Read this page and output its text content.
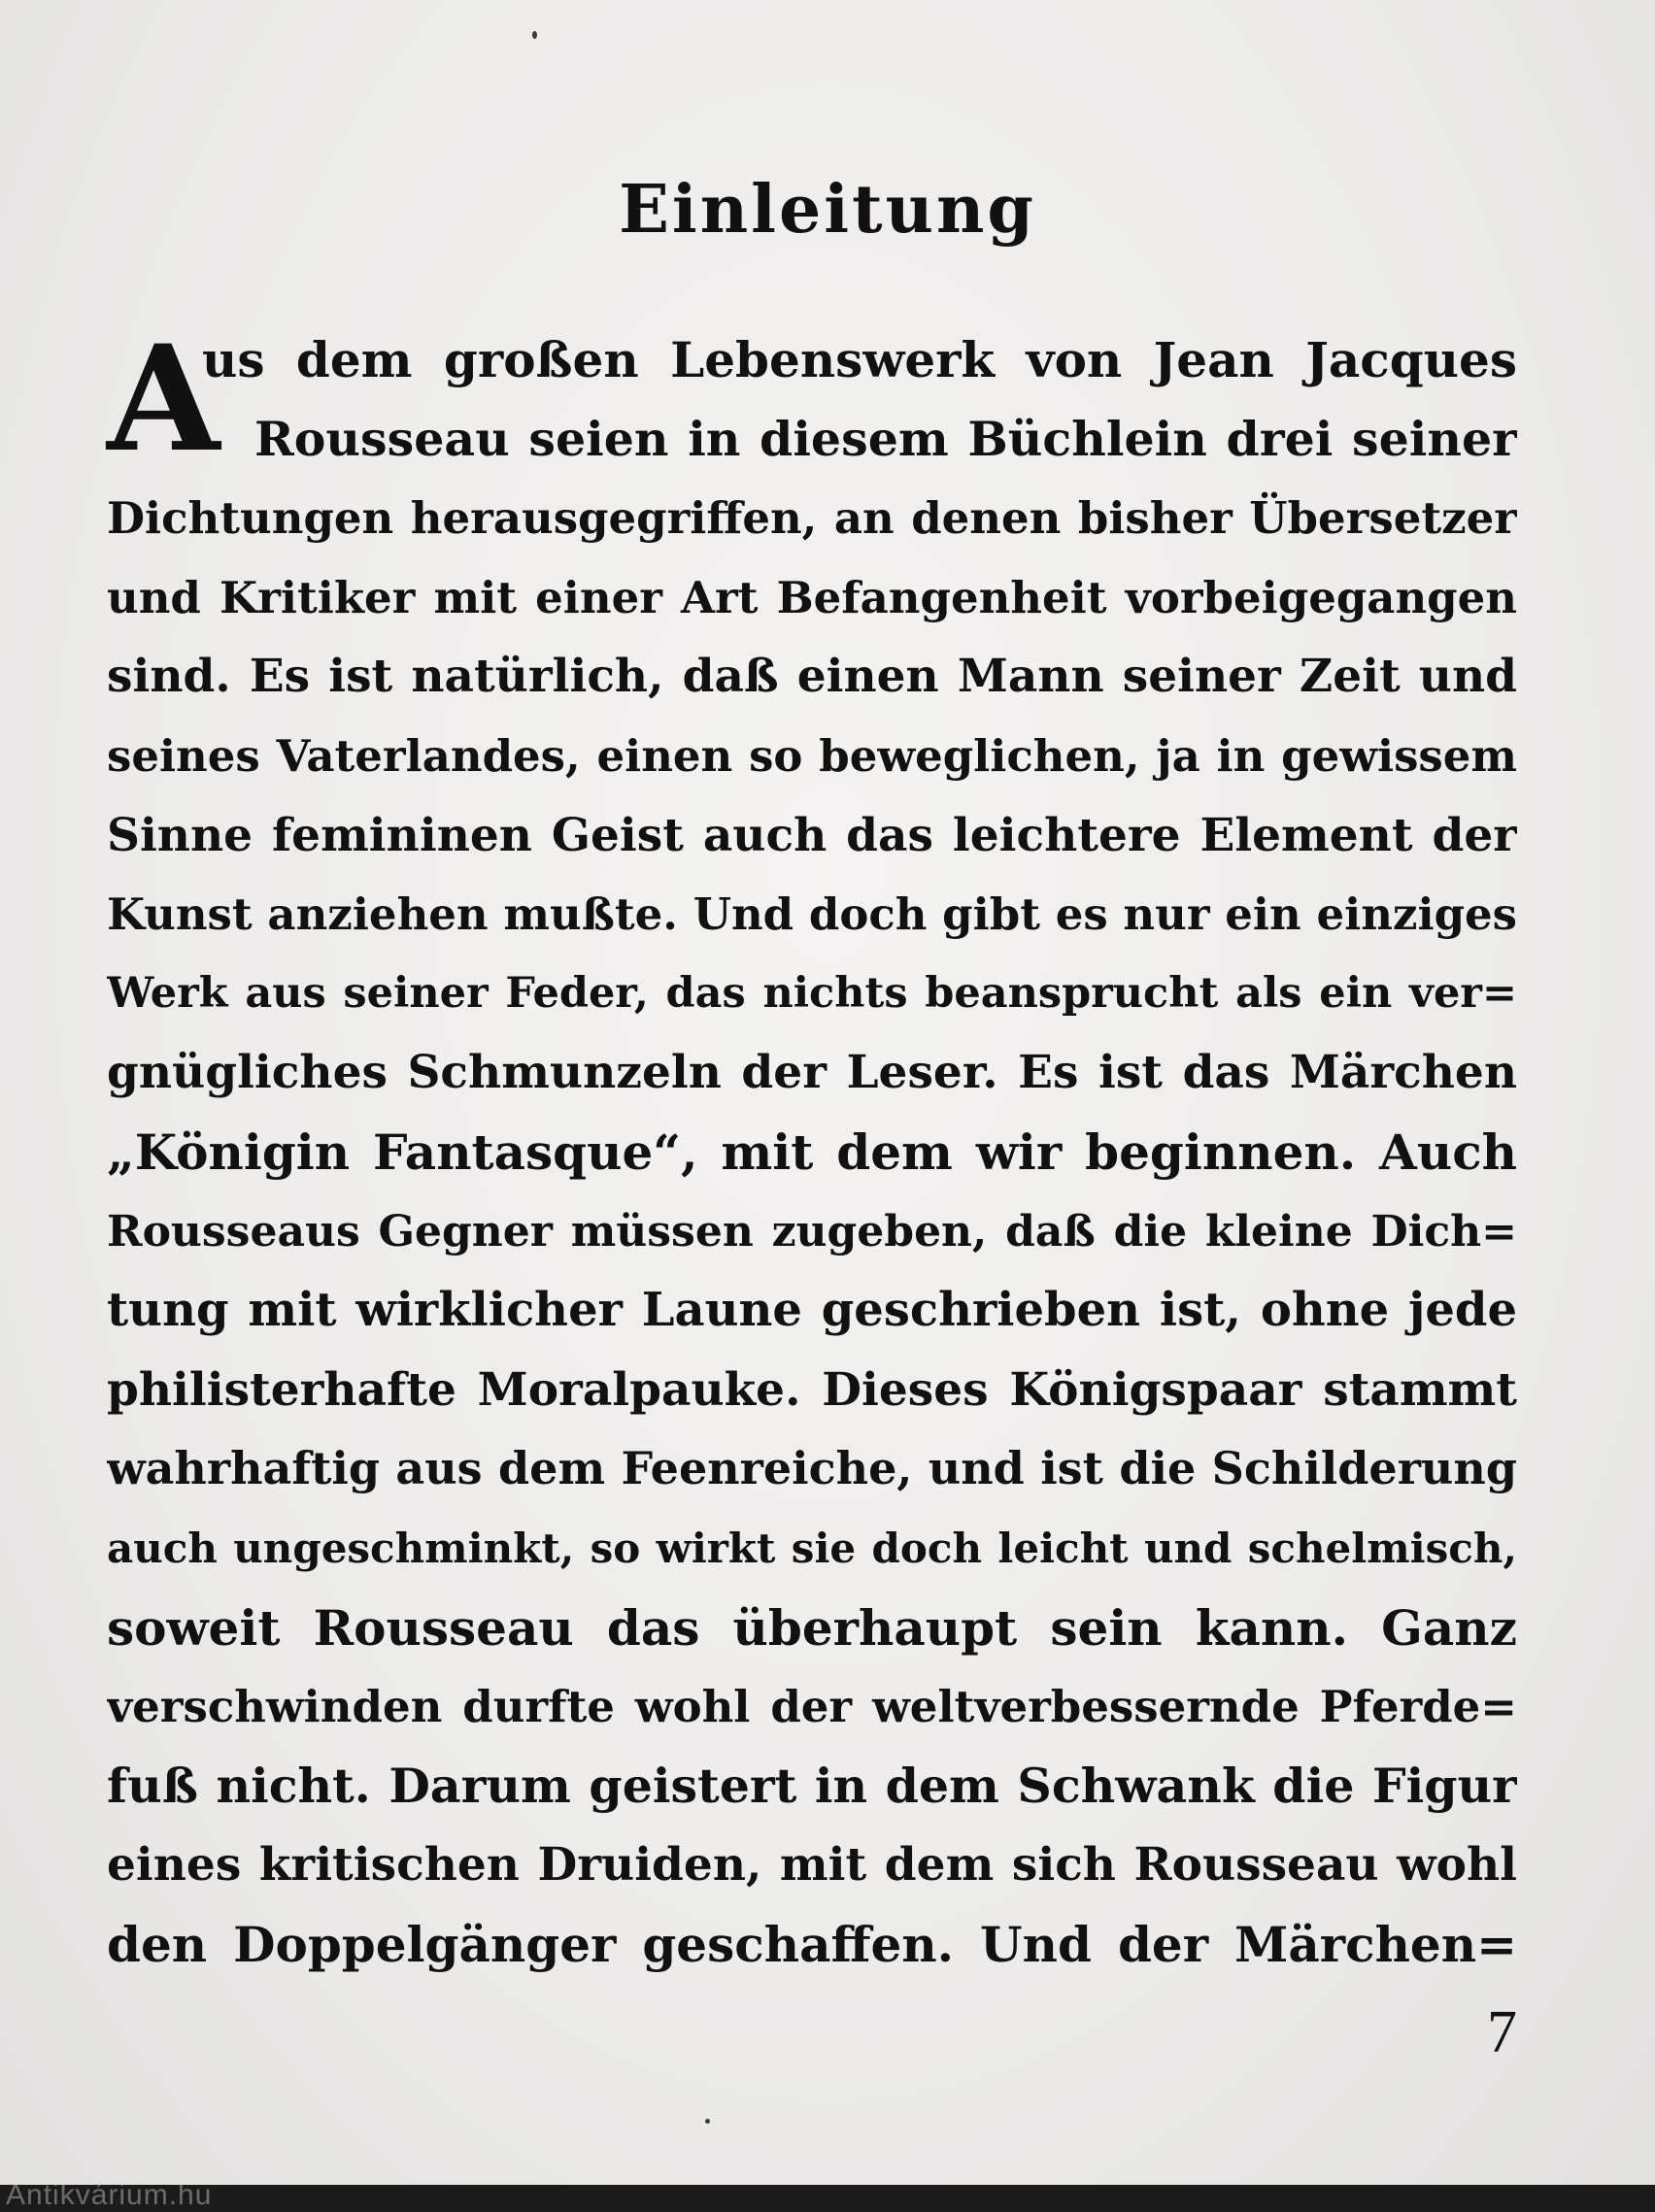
Einleitung
A
us dem großen Lebenswerk von Jean Jacques
Rousseau seien in diesem Büchlein drei seiner
Dichtungen herausgegriffen, an denen bisher Übersetzer
und Kritiker mit einer Art Befangenheit vorbeigegangen
sind. Es ist natürlich, daß einen Mann seiner Zeit und
seines Vaterlandes, einen so beweglichen, ja in gewissem
Sinne femininen Geist auch das leichtere Element der
Kunst anziehen mußte. Und doch gibt es nur ein einziges
Werk aus seiner Feder, das nichts beansprucht als ein ver=
gnügliches Schmunzeln der Leser. Es ist das Märchen
„Königin Fantasque“, mit dem wir beginnen. Auch
Rousseaus Gegner müssen zugeben, daß die kleine Dich=
tung mit wirklicher Laune geschrieben ist, ohne jede
philisterhafte Moralpauke. Dieses Königspaar stammt
wahrhaftig aus dem Feenreiche, und ist die Schilderung
auch ungeschminkt, so wirkt sie doch leicht und schelmisch,
soweit Rousseau das überhaupt sein kann. Ganz
verschwinden durfte wohl der weltverbessernde Pferde=
fuß nicht. Darum geistert in dem Schwank die Figur
eines kritischen Druiden, mit dem sich Rousseau wohl
den Doppelgänger geschaffen. Und der Märchen=
7
Antikvárium.hu
